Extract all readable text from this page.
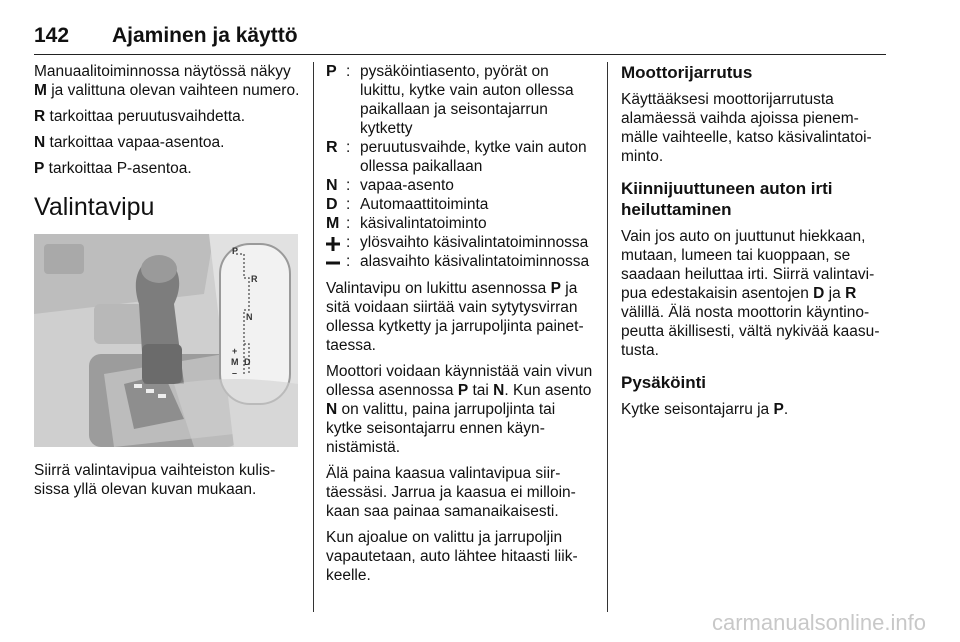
142 Ajaminen ja käyttö

Manuaalitoiminnossa näytössä näkyy M ja valittuna olevan vaihteen numero.

R tarkoittaa peruutusvaihdetta.

N tarkoittaa vapaa-asentoa.

P tarkoittaa P-asentoa.

Valintavipu
P
R
N
+
M D
–

Siirrä valintavipua vaihteiston kulississa yllä olevan kuvan mukaan.

P : pysäköintiasento, pyörät on lukittu, kytke vain auton ollessa paikallaan ja seisontajarrun kytketty
R : peruutusvaihde, kytke vain auton ollessa paikallaan
N : vapaa-asento
D : Automaattitoiminta
M : käsivalintatoiminto
: ylösvaihto käsivalintatoiminnossa
: alasvaihto käsivalintatoiminnossa

Valintavipu on lukittu asennossa P ja sitä voidaan siirtää vain sytytysvirran ollessa kytketty ja jarrupoljinta painettaessa.

Moottori voidaan käynnistää vain vivun ollessa asennossa P tai N. Kun asento N on valittu, paina jarrupoljinta tai kytke seisontajarru ennen käynnistämistä.

Älä paina kaasua valintavipua siirtäessäsi. Jarrua ja kaasua ei milloinkaan saa painaa samanaikaisesti.

Kun ajoalue on valittu ja jarrupoljin vapautetaan, auto lähtee hitaasti liikkeelle.

Moottorijarrutus

Käyttääksesi moottorijarrutusta alamäessä vaihda ajoissa pienemmälle vaihteelle, katso käsivalintatoiminto.

Kiinnijuuttuneen auton irti heiluttaminen

Vain jos auto on juuttunut hiekkaan, mutaan, lumeen tai kuoppaan, se saadaan heiluttaa irti. Siirrä valintavipua edestakaisin asentojen D ja R välillä. Älä nosta moottorin käyntinopeutta äkillisesti, vältä nykivää kaasutusta.

Pysäköinti

Kytke seisontajarru ja P.

carmanualsonline.info
